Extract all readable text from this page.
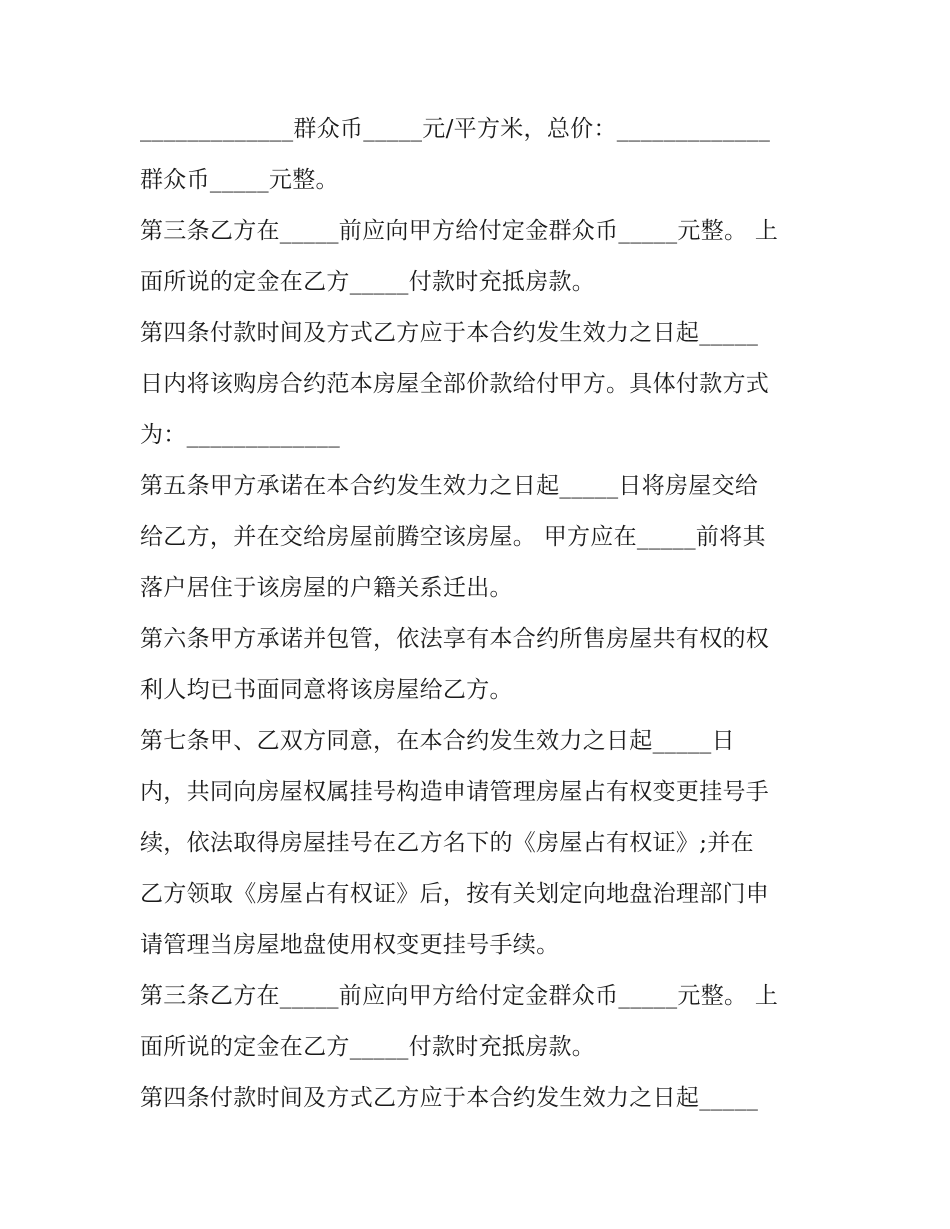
_____________群众币_____元/平方米，总价：_____________
群众币_____元整。
第三条乙方在_____前应向甲方给付定金群众币_____元整。 上
面所说的定金在乙方_____付款时充抵房款。
第四条付款时间及方式乙方应于本合约发生效力之日起_____
日内将该购房合约范本房屋全部价款给付甲方。具体付款方式
为：_____________
第五条甲方承诺在本合约发生效力之日起_____日将房屋交给
给乙方，并在交给房屋前腾空该房屋。 甲方应在_____前将其
落户居住于该房屋的户籍关系迁出。
第六条甲方承诺并包管，依法享有本合约所售房屋共有权的权
利人均已书面同意将该房屋给乙方。
第七条甲、乙双方同意，在本合约发生效力之日起_____日
内，共同向房屋权属挂号构造申请管理房屋占有权变更挂号手
续，依法取得房屋挂号在乙方名下的《房屋占有权证》;并在
乙方领取《房屋占有权证》后，按有关划定向地盘治理部门申
请管理当房屋地盘使用权变更挂号手续。
第三条乙方在_____前应向甲方给付定金群众币_____元整。 上
面所说的定金在乙方_____付款时充抵房款。
第四条付款时间及方式乙方应于本合约发生效力之日起_____
